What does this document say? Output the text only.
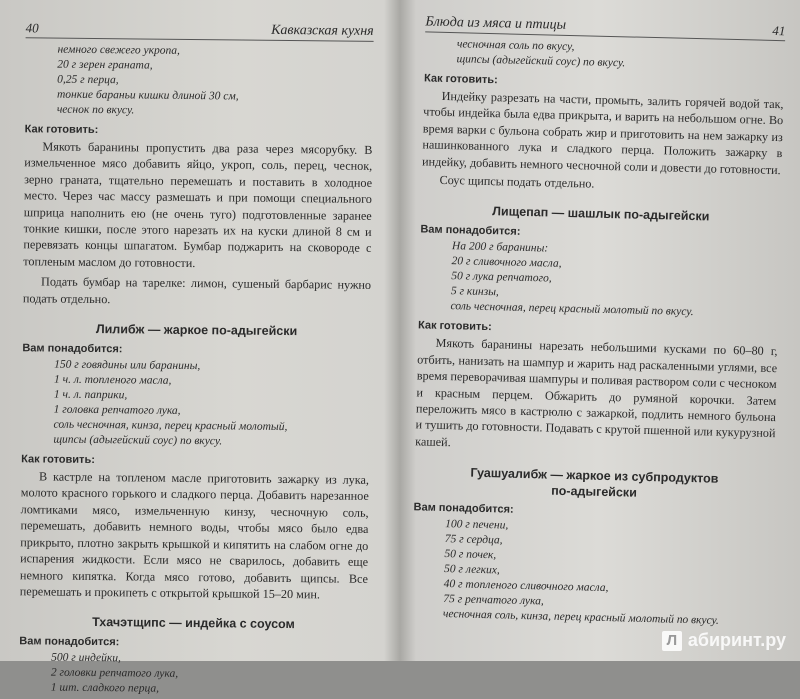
40	Кавказская кухня
немного свежего укропа,
20 г зерен граната,
0,25 г перца,
тонкие бараньи кишки длиной 30 см,
чеснок по вкусу.
Как готовить:

Мякоть баранины пропустить два раза через мясорубку. В измельченное мясо добавить яйцо, укроп, соль, перец, чеснок, зерно граната, тщательно перемешать и поставить в холодное место. Через час массу размешать и при помощи специального шприца наполнить ею (не очень туго) подготовленные заранее тонкие кишки, после этого нарезать их на куски длиной 8 см и перевязать концы шпагатом. Бумбар поджарить на сковороде с топленым маслом до готовности.

Подать бумбар на тарелке: лимон, сушеный барбарис нужно подать отдельно.

Лилибж — жаркое по-адыгейски
Вам понадобится:
150 г говядины или баранины,
1 ч. л. топленого масла,
1 ч. л. паприки,
1 головка репчатого лука,
соль чесночная, кинза, перец красный молотый,
щипсы (адыгейский соус) по вкусу.
Как готовить:

В кастрле на топленом масле приготовить зажарку из лука, молото красного горького и сладкого перца. Добавить нарезанное ломтиками мясо, измельченную кинзу, чесночную соль, перемешать, добавить немного воды, чтобы мясо было едва прикрыто, плотно закрыть крышкой и кипятить на слабом огне до испарения жидкости. Если мясо не сварилось, добавить еще немного кипятка. Когда мясо готово, добавить щипсы. Все перемешать и прокипеть с открытой крышкой 15–20 мин.

Тхачэтщипс — индейка с соусом
Вам понадобится:
500 г индейки,
2 головки репчатого лука,
1 шт. сладкого перца,
Блюда из мяса и птицы	41
чесночная соль по вкусу,
щипсы (адыгейский соус) по вкусу.
Как готовить:

Индейку разрезать на части, промыть, залить горячей водой так, чтобы индейка была едва прикрыта, и варить на небольшом огне. Во время варки с бульона собрать жир и приготовить на нем зажарку из нашинкованного лука и сладкого перца. Положить зажарку в индейку, добавить немного чесночной соли и довести до готовности.

Соус щипсы подать отдельно.

Лищепап — шашлык по-адыгейски
Вам понадобится:
На 200 г баранины:
20 г сливочного масла,
50 г лука репчатого,
5 г кинзы,
соль чесночная, перец красный молотый по вкусу.
Как готовить:

Мякоть баранины нарезать небольшими кусками по 60–80 г, отбить, нанизать на шампур и жарить над раскаленными углями, все время переворачивая шампуры и поливая раствором соли с чесноком и красным перцем. Обжарить до румяной корочки. Затем переложить мясо в кастрюлю с зажаркой, подлить немного бульона и тушить до готовности. Подавать с крутой пшенной или кукурузной кашей.

Гуашуалибж — жаркое из субпродуктов
по-адыгейски
Вам понадобится:
100 г печени,
75 г сердца,
50 г почек,
50 г легких,
40 г топленого сливочного масла,
75 г репчатого лука,
чесночная соль, кинза, перец красный молотый по вкусу.
Л абиринт.ру
